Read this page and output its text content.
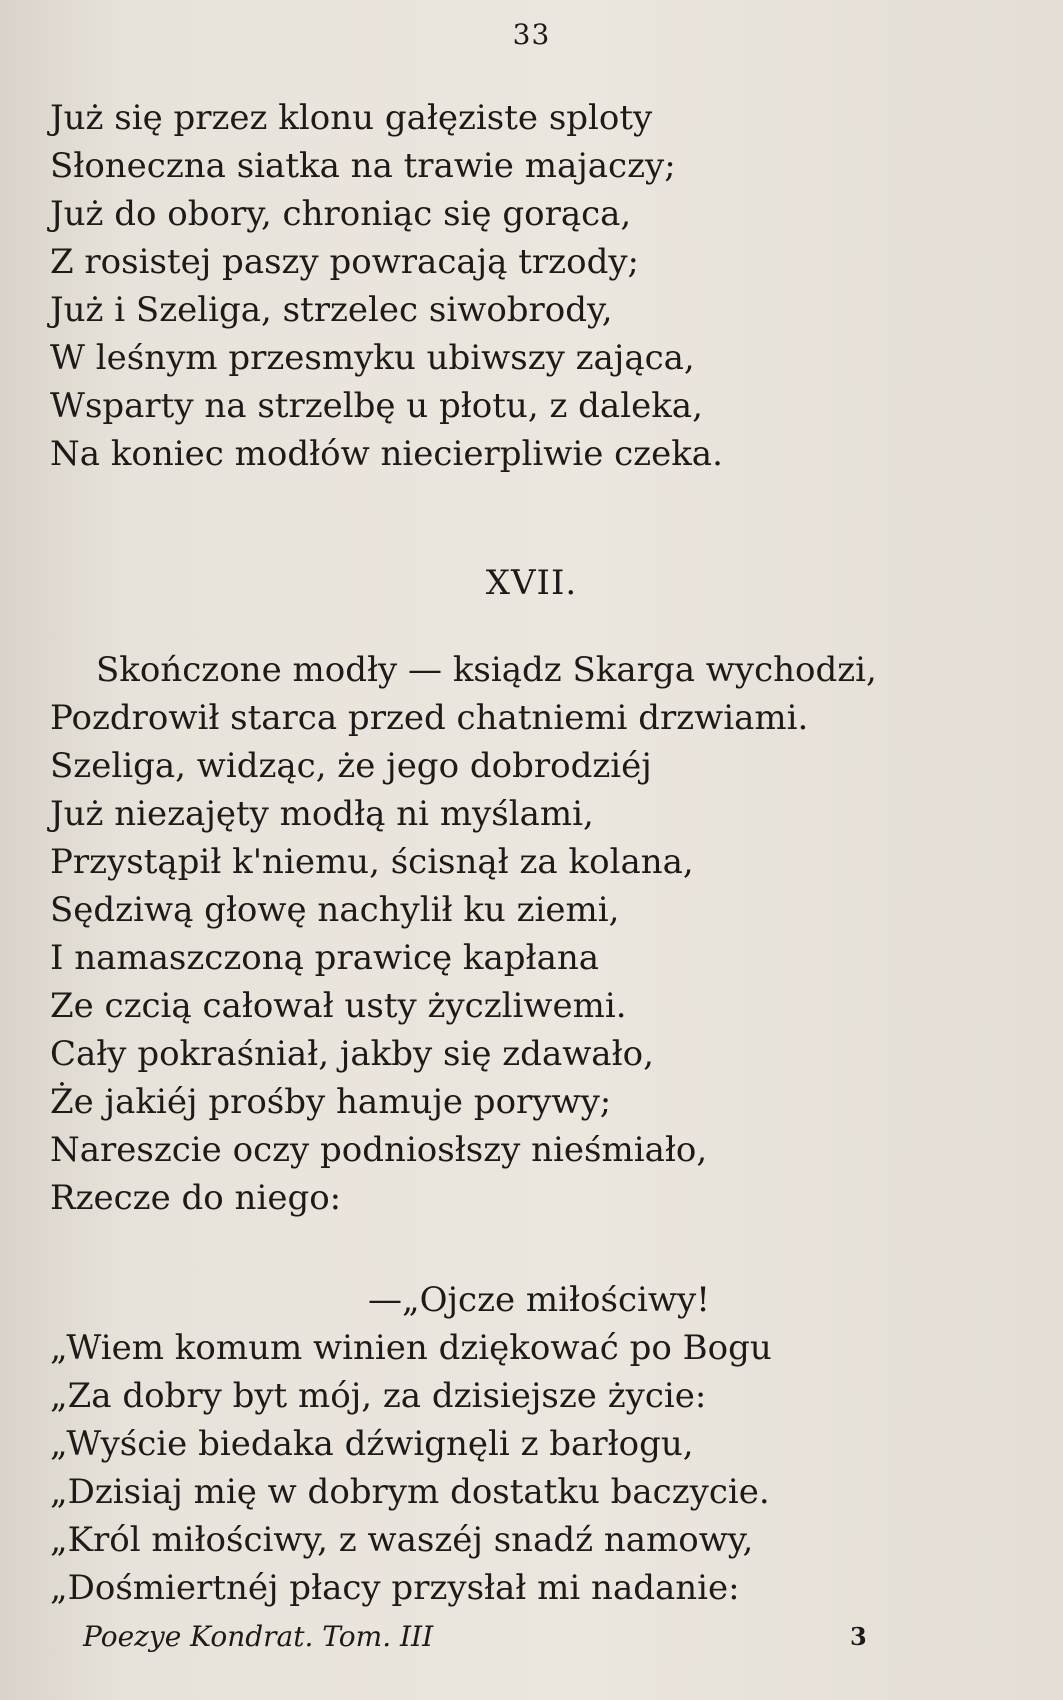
33
Już się przez klonu gałęziste sploty
Słoneczna siatka na trawie majaczy;
Już do obory, chroniąc się gorąca,
Z rosistej paszy powracają trzody;
Już i Szeliga, strzelec siwobrody,
W leśnym przesmyku ubiwszy zająca,
Wsparty na strzelbę u płotu, z daleka,
Na koniec modłów niecierpliwie czeka.
XVII.
Skończone modły — ksiądz Skarga wychodzi,
Pozdrowił starca przed chatniemi drzwiami.
Szeliga, widząc, że jego dobrodziéj
Już niezajęty modłą ni myślami,
Przystąpił k'niemu, ścisnął za kolana,
Sędziwą głowę nachylił ku ziemi,
I namaszczoną prawicę kapłana
Ze czcią całował usty życzliwemi.
Cały pokraśniał, jakby się zdawało,
Że jakiéj prośby hamuje porywy;
Nareszcie oczy podniosłszy nieśmiało,
Rzecze do niego:
—„Ojcze miłościwy!
„Wiem komum winien dziękować po Bogu
„Za dobry byt mój, za dzisiejsze życie:
„Wyście biedaka dźwignęli z barłogu,
„Dzisiaj mię w dobrym dostatku baczycie.
„Król miłościwy, z waszéj snadź namowy,
„Dośmiertnéj płacy przysłał mi nadanie:
Poezye Kondrat. Tom. III	3
